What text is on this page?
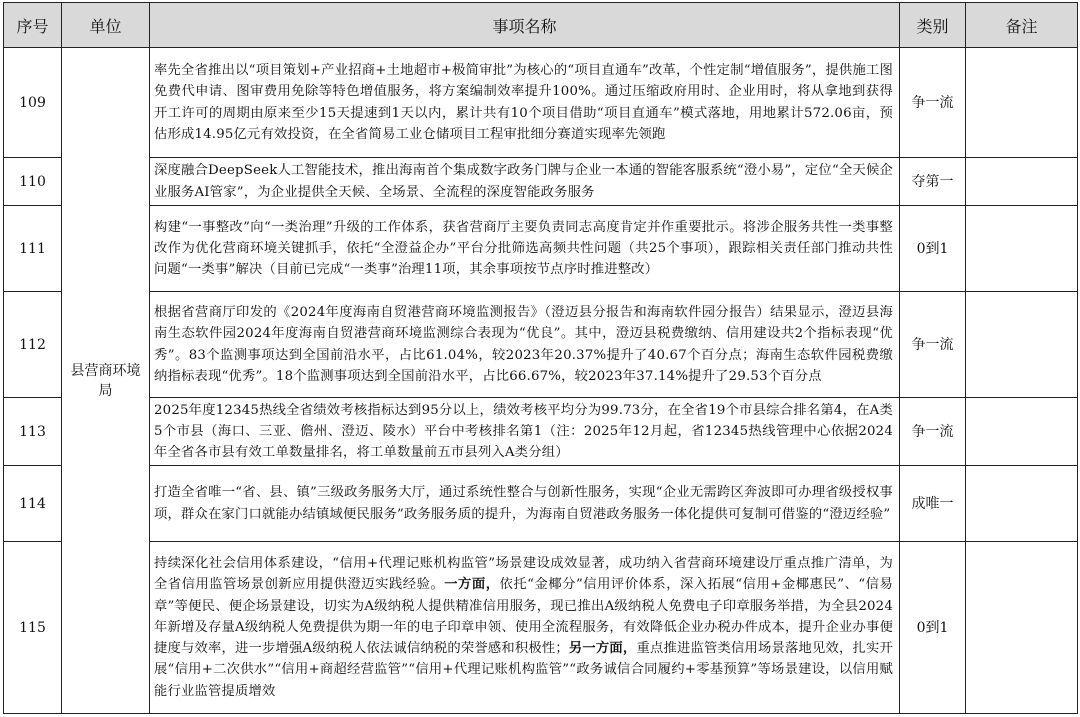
序号	单位	事项名称	类别	备注
109	县营商环境局	率先全省推出以“项目策划+产业招商+土地超市+极简审批”为核心的“项目直通车”改革，个性定制“增值服务”，提供施工图免费代申请、图审费用免除等特色增值服务，将方案编制效率提升100%。通过压缩政府用时、企业用时，将从拿地到获得开工许可的周期由原来至少15天提速到1天以内，累计共有10个项目借助“项目直通车”模式落地，用地累计572.06亩，预估形成14.95亿元有效投资，在全省简易工业仓储项目工程审批细分赛道实现率先领跑	争一流	
110		深度融合DeepSeek人工智能技术，推出海南首个集成数字政务门牌与企业一本通的智能客服系统“澄小易”，定位“全天候企业服务AI管家”，为企业提供全天候、全场景、全流程的深度智能政务服务	夺第一	
111		构建“一事整改”向“一类治理”升级的工作体系，获省营商厅主要负责同志高度肯定并作重要批示。将涉企服务共性一类事整改作为优化营商环境关键抓手，依托“全澄益企办”平台分批筛选高频共性问题（共25个事项），跟踪相关责任部门推动共性问题“一类事”解决（目前已完成“一类事”治理11项，其余事项按节点序时推进整改）	0到1	
112		根据省营商厅印发的《2024年度海南自贸港营商环境监测报告》（澄迈县分报告和海南软件园分报告）结果显示，澄迈县海南生态软件园2024年度海南自贸港营商环境监测综合表现为“优良”。其中，澄迈县税费缴纳、信用建设共2个指标表现“优秀”。83个监测事项达到全国前沿水平，占比61.04%，较2023年20.37%提升了40.67个百分点；海南生态软件园税费缴纳指标表现“优秀”。18个监测事项达到全国前沿水平，占比66.67%，较2023年37.14%提升了29.53个百分点	争一流	
113		2025年度12345热线全省绩效考核指标达到95分以上，绩效考核平均分为99.73分，在全省19个市县综合排名第4，在A类5个市县（海口、三亚、儋州、澄迈、陵水）平台中考核排名第1（注：2025年12月起，省12345热线管理中心依据2024年全省各市县有效工单数量排名，将工单数量前五市县列入A类分组）	争一流	
114		打造全省唯一“省、县、镇”三级政务服务大厅，通过系统性整合与创新性服务，实现“企业无需跨区奔波即可办理省级授权事项，群众在家门口就能办结镇域便民服务”政务服务质的提升，为海南自贸港政务服务一体化提供可复制可借鉴的“澄迈经验”	成唯一	
115		持续深化社会信用体系建设，“信用+代理记账机构监管”场景建设成效显著，成功纳入省营商环境建设厅重点推广清单，为全省信用监管场景创新应用提供澄迈实践经验。一方面，依托“金椰分”信用评价体系，深入拓展“信用+金椰惠民”、“信易章”等便民、便企场景建设，切实为A级纳税人提供精准信用服务，现已推出A级纳税人免费电子印章服务举措，为全县2024年新增及存量A级纳税人免费提供为期一年的电子印章申领、使用全流程服务，有效降低企业办税办件成本，提升企业办事便捷度与效率，进一步增强A级纳税人依法诚信纳税的荣誉感和积极性；另一方面，重点推进监管类信用场景落地见效，扎实开展“信用+二次供水”“信用+商超经营监管”“信用+代理记账机构监管”“政务诚信合同履约+零基预算”等场景建设，以信用赋能行业监管提质增效	0到1	
